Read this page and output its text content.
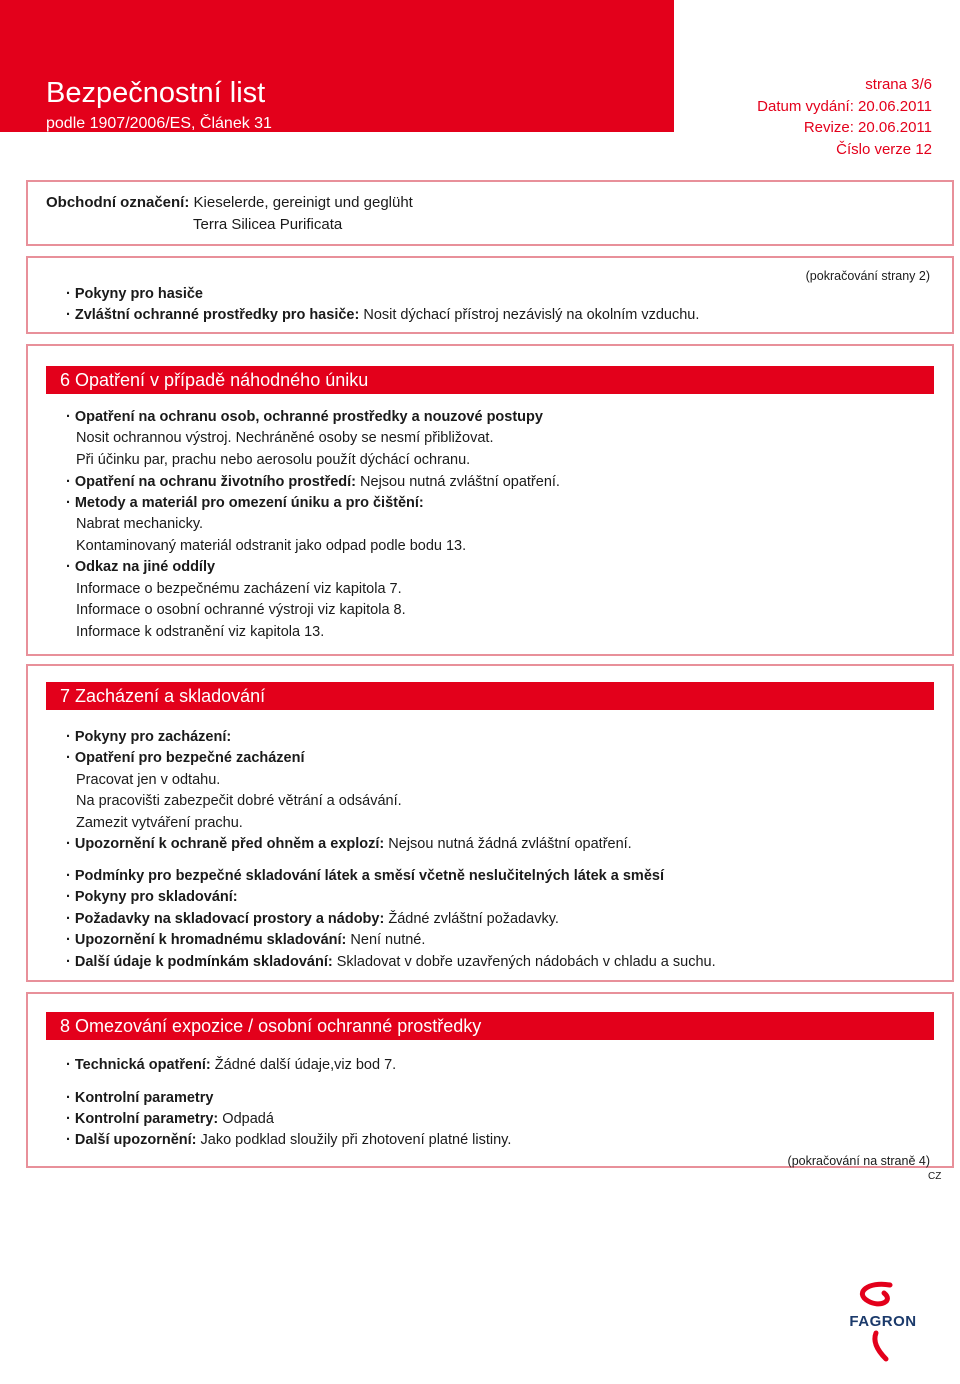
Bezpečnostní list
podle 1907/2006/ES, Článek 31
strana 3/6
Datum vydání: 20.06.2011
Revize: 20.06.2011
Číslo verze 12
Obchodní označení: Kieselerde, gereinigt und geglüht
Terra Silicea Purificata
(pokračování strany 2)
· Pokyny pro hasiče
· Zvláštní ochranné prostředky pro hasiče: Nosit dýchací přístroj nezávislý na okolním vzduchu.
6 Opatření v případě náhodného úniku
· Opatření na ochranu osob, ochranné prostředky a nouzové postupy
Nosit ochrannou výstroj. Nechráněné osoby se nesmí přibližovat.
Při účinku par, prachu nebo aerosolu použít dýchácí ochranu.
· Opatření na ochranu životního prostředí: Nejsou nutná zvláštní opatření.
· Metody a materiál pro omezení úniku a pro čištění:
Nabrat mechanicky.
Kontaminovaný materiál odstranit jako odpad podle bodu 13.
· Odkaz na jiné oddíly
Informace o bezpečnému zacházení viz kapitola 7.
Informace o osobní ochranné výstroji viz kapitola 8.
Informace k odstranění viz kapitola 13.
7 Zacházení a skladování
· Pokyny pro zacházení:
· Opatření pro bezpečné zacházení
Pracovat jen v odtahu.
Na pracovišti zabezpečit dobré větrání a odsávání.
Zamezit vytváření prachu.
· Upozornění k ochraně před ohněm a explozí: Nejsou nutná žádná zvláštní opatření.
· Podmínky pro bezpečné skladování látek a směsí včetně neslučitelných látek a směsí
· Pokyny pro skladování:
· Požadavky na skladovací prostory a nádoby: Žádné zvláštní požadavky.
· Upozornění k hromadnému skladování: Není nutné.
· Další údaje k podmínkám skladování: Skladovat v dobře uzavřených nádobách v chladu a suchu.
8 Omezování expozice / osobní ochranné prostředky
· Technická opatření: Žádné další údaje,viz bod 7.
· Kontrolní parametry
· Kontrolní parametry: Odpadá
· Další upozornění: Jako podklad sloužily při zhotovení platné listiny.
(pokračování na straně 4)
CZ
FAGRON
